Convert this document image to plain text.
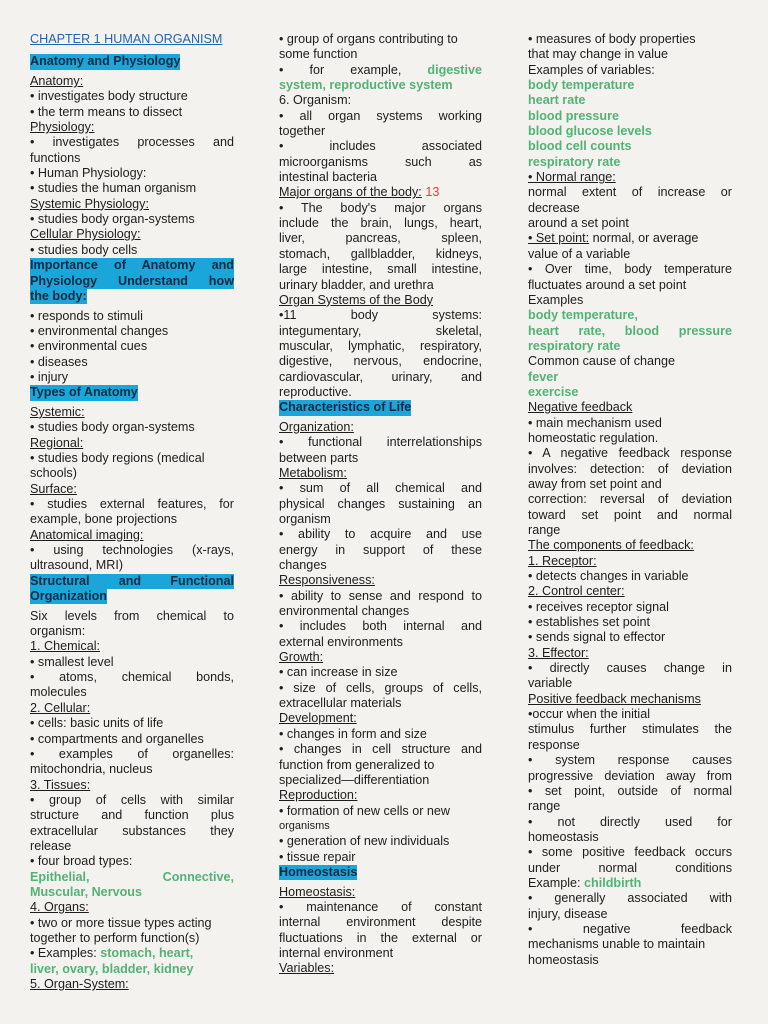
CHAPTER 1 HUMAN ORGANISM
Anatomy and Physiology
Anatomy:
• investigates body structure
• the term means to dissect
Physiology:
• investigates processes and
functions
• Human Physiology:
• studies the human organism
Systemic Physiology:
• studies body organ-systems
Cellular Physiology:
• studies body cells
Importance of Anatomy and
Physiology Understand how
the body:
• responds to stimuli
• environmental changes
• environmental cues
• diseases
• injury
Types of Anatomy
Systemic:
• studies body organ-systems
Regional:
• studies body regions (medical
schools)
Surface:
• studies external features, for
example, bone projections
Anatomical imaging:
• using technologies (x-rays,
ultrasound, MRI)
Structural and Functional
Organization
Six levels from chemical to
organism:
1. Chemical:
• smallest level
• atoms, chemical bonds,
molecules
2. Cellular:
• cells: basic units of life
• compartments and organelles
• examples of organelles:
mitochondria, nucleus
3. Tissues:
• group of cells with similar
structure and function plus
extracellular substances they
release
• four broad types:
Epithelial, Connective,
Muscular, Nervous
4. Organs:
• two or more tissue types acting
together to perform function(s)
• Examples: stomach, heart,
liver, ovary, bladder, kidney
5. Organ-System:
• group of organs contributing to
some function
• for example, digestive
system, reproductive system
6. Organism:
• all organ systems working
together
• includes associated
microorganisms such as
intestinal bacteria
Major organs of the body: 13
• The body's major organs
include the brain, lungs, heart,
liver, pancreas, spleen,
stomach, gallbladder, kidneys,
large intestine, small intestine,
urinary bladder, and urethra
Organ Systems of the Body
•11 body systems:
integumentary, skeletal,
muscular, lymphatic, respiratory,
digestive, nervous, endocrine,
cardiovascular, urinary, and
reproductive.
Characteristics of Life
Organization:
• functional interrelationships
between parts
Metabolism:
• sum of all chemical and
physical changes sustaining an
organism
• ability to acquire and use
energy in support of these
changes
Responsiveness:
• ability to sense and respond to
environmental changes
• includes both internal and
external environments
Growth:
• can increase in size
• size of cells, groups of cells,
extracellular materials
Development:
• changes in form and size
• changes in cell structure and
function from generalized to
specialized—differentiation
Reproduction:
• formation of new cells or new
organisms
• generation of new individuals
• tissue repair
Homeostasis
Homeostasis:
• maintenance of constant
internal environment despite
fluctuations in the external or
internal environment
Variables:
• measures of body properties
that may change in value
Examples of variables:
body temperature
heart rate
blood pressure
blood glucose levels
blood cell counts
respiratory rate
• Normal range:
normal extent of increase or
decrease
around a set point
• Set point: normal, or average
value of a variable
• Over time, body temperature
fluctuates around a set point
Examples
body temperature,
heart rate, blood pressure
respiratory rate
Common cause of change
fever
exercise
Negative feedback
• main mechanism used
homeostatic regulation.
• A negative feedback response
involves: detection: of deviation
away from set point and
correction: reversal of deviation
toward set point and normal
range
The components of feedback:
1. Receptor:
• detects changes in variable
2. Control center:
• receives receptor signal
• establishes set point
• sends signal to effector
3. Effector:
• directly causes change in
variable
Positive feedback mechanisms
•occur when the initial
stimulus further stimulates the
response
• system response causes
progressive deviation away from
• set point, outside of normal
range
• not directly used for
homeostasis
• some positive feedback occurs
under normal conditions
Example: childbirth
• generally associated with
injury, disease
• negative feedback
mechanisms unable to maintain
homeostasis
